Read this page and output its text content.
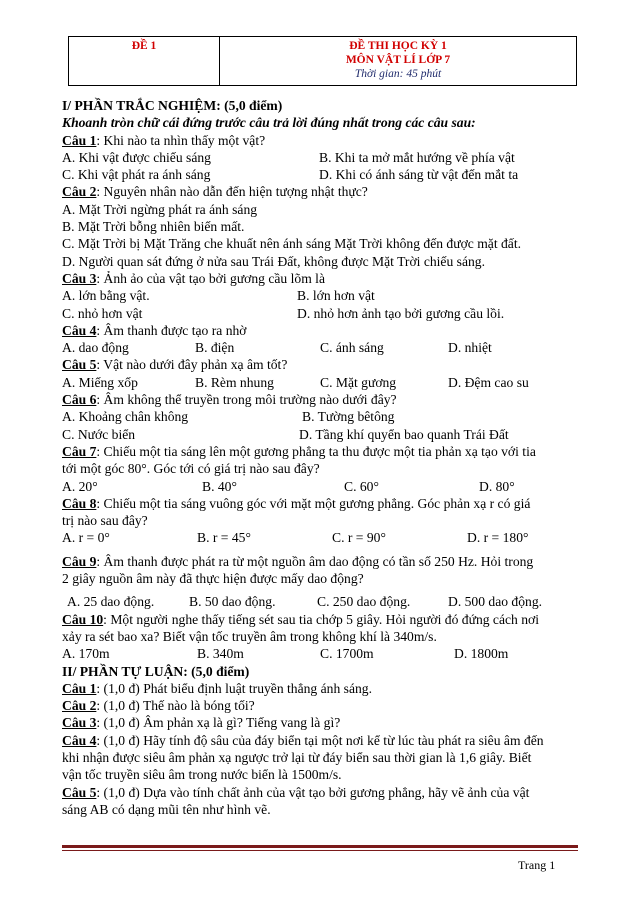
ĐỀ 1	ĐỀ THI HỌC KỲ 1
MÔN VẬT LÍ LỚP 7
Thời gian: 45 phút
I/ PHẦN TRẮC NGHIỆM: (5,0 điểm)
Khoanh tròn chữ cái đứng trước câu trả lời đúng nhất trong các câu sau:
Câu 1: Khi nào ta nhìn thấy một vật?
A. Khi vật được chiếu sáng	B. Khi ta mở mắt hướng về phía vật
C. Khi vật phát ra ánh sáng	D. Khi có ánh sáng từ vật đến mắt ta
Câu 2: Nguyên nhân nào dẫn đến hiện tượng nhật thực?
A. Mặt Trời ngừng phát ra ánh sáng
B. Mặt Trời bỗng nhiên biến mất.
C. Mặt Trời bị Mặt Trăng che khuất nên ánh sáng Mặt Trời không đến được mặt đất.
D. Người quan sát đứng ở nửa sau Trái Đất, không được Mặt Trời chiếu sáng.
Câu 3: Ảnh ảo của vật tạo bởi gương cầu lõm là
A. lớn bằng vật.	B. lớn hơn vật
C. nhỏ hơn vật	D. nhỏ hơn ảnh tạo bởi gương cầu lồi.
Câu 4: Âm thanh được tạo ra nhờ
A. dao động	B. điện	C. ánh sáng	D. nhiệt
Câu 5: Vật nào dưới đây phản xạ âm tốt?
A. Miếng xốp	B. Rèm nhung	C. Mặt gương	D. Đệm cao su
Câu 6: Âm không thể truyền trong môi trường nào dưới đây?
A. Khoảng chân không	B. Tường bêtông
C. Nước biển	D. Tầng khí quyển bao quanh Trái Đất
Câu 7: Chiếu một tia sáng lên một gương phẳng ta thu được một tia phản xạ tạo với tia
tới một góc 80°. Góc tới có giá trị nào sau đây?
A. 20°	B. 40°	C. 60°	D. 80°
Câu 8: Chiếu một tia sáng vuông góc với mặt một gương phẳng. Góc phản xạ r có giá
trị nào sau đây?
A. r = 0°	B. r = 45°	C. r = 90°	D. r = 180°
Câu 9: Âm thanh được phát ra từ một nguồn âm dao động có tần số 250 Hz. Hỏi trong
2 giây nguồn âm này đã thực hiện được mấy dao động?
A. 25 dao động.	B. 50 dao động.	C. 250 dao động.	D. 500 dao động.
Câu 10: Một người nghe thấy tiếng sét sau tia chớp 5 giây. Hỏi người đó đứng cách nơi
xảy ra sét bao xa? Biết vận tốc truyền âm trong không khí là 340m/s.
A. 170m	B. 340m	C. 1700m	D. 1800m
II/ PHẦN TỰ LUẬN: (5,0 điểm)
Câu 1: (1,0 đ) Phát biểu định luật truyền thẳng ánh sáng.
Câu 2: (1,0 đ) Thế nào là bóng tối?
Câu 3: (1,0 đ) Âm phản xạ là gì? Tiếng vang là gì?
Câu 4: (1,0 đ) Hãy tính độ sâu của đáy biển tại một nơi kể từ lúc tàu phát ra siêu âm đến
khi nhận được siêu âm phản xạ ngược trở lại từ đáy biển sau thời gian là 1,6 giây. Biết
vận tốc truyền siêu âm trong nước biển là 1500m/s.
Câu 5: (1,0 đ) Dựa vào tính chất ảnh của vật tạo bởi gương phẳng, hãy vẽ ảnh của vật
sáng AB có dạng mũi tên như hình vẽ.
Trang 1
